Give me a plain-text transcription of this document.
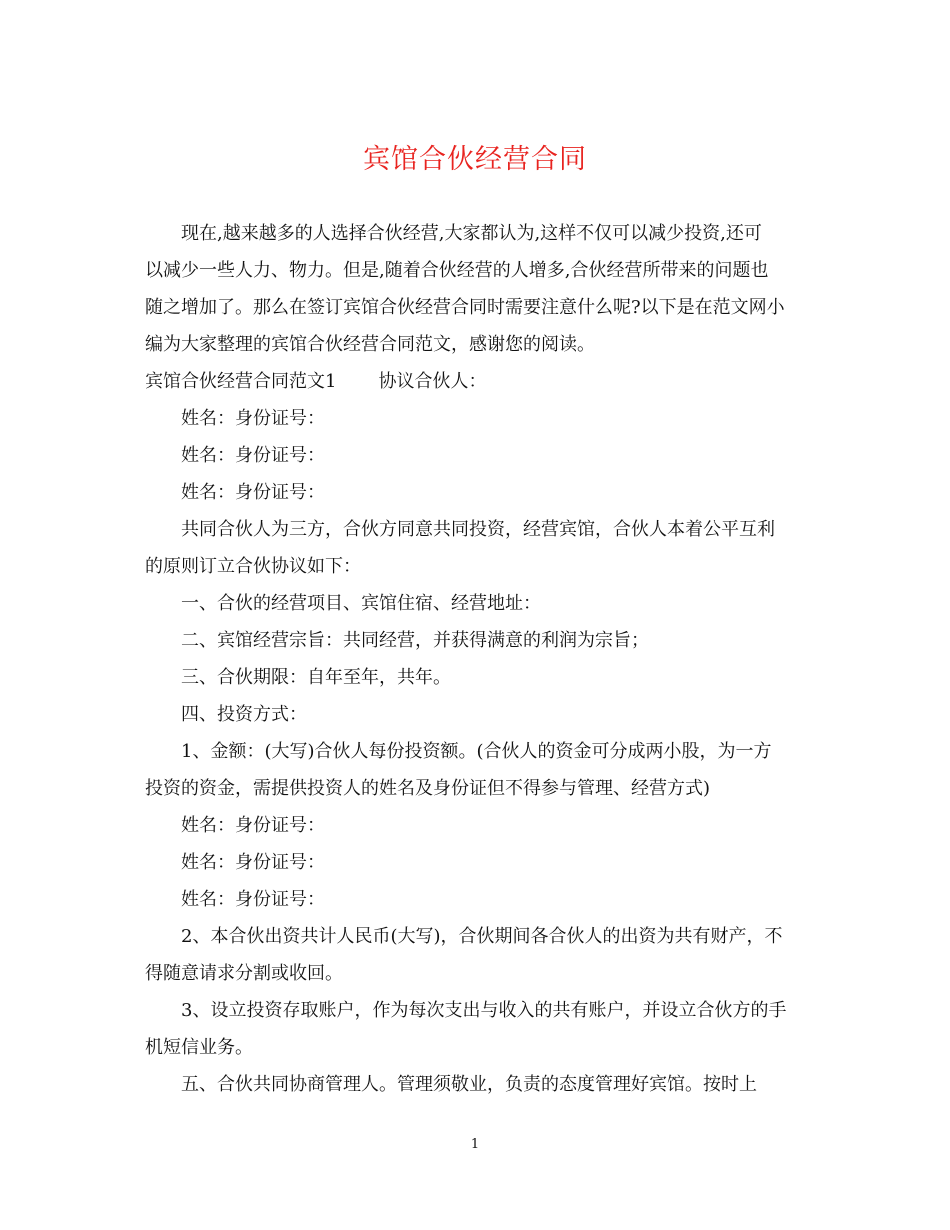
宾馆合伙经营合同

现在,越来越多的人选择合伙经营,大家都认为,这样不仅可以减少投资,还可

以减少一些人力、物力。但是,随着合伙经营的人增多,合伙经营所带来的问题也

随之增加了。那么在签订宾馆合伙经营合同时需要注意什么呢?以下是在范文网小

编为大家整理的宾馆合伙经营合同范文，感谢您的阅读。

宾馆合伙经营合同范文1 协议合伙人：

姓名：身份证号：

姓名：身份证号：

姓名：身份证号：

共同合伙人为三方，合伙方同意共同投资，经营宾馆，合伙人本着公平互利

的原则订立合伙协议如下：

一、合伙的经营项目、宾馆住宿、经营地址：

二、宾馆经营宗旨：共同经营，并获得满意的利润为宗旨；

三、合伙期限：自年至年，共年。

四、投资方式：

1、金额：(大写)合伙人每份投资额。(合伙人的资金可分成两小股，为一方

投资的资金，需提供投资人的姓名及身份证但不得参与管理、经营方式)

姓名：身份证号：

姓名：身份证号：

姓名：身份证号：

2、本合伙出资共计人民币(大写)，合伙期间各合伙人的出资为共有财产，不

得随意请求分割或收回。

3、设立投资存取账户，作为每次支出与收入的共有账户，并设立合伙方的手

机短信业务。

五、合伙共同协商管理人。管理须敬业，负责的态度管理好宾馆。按时上

1
